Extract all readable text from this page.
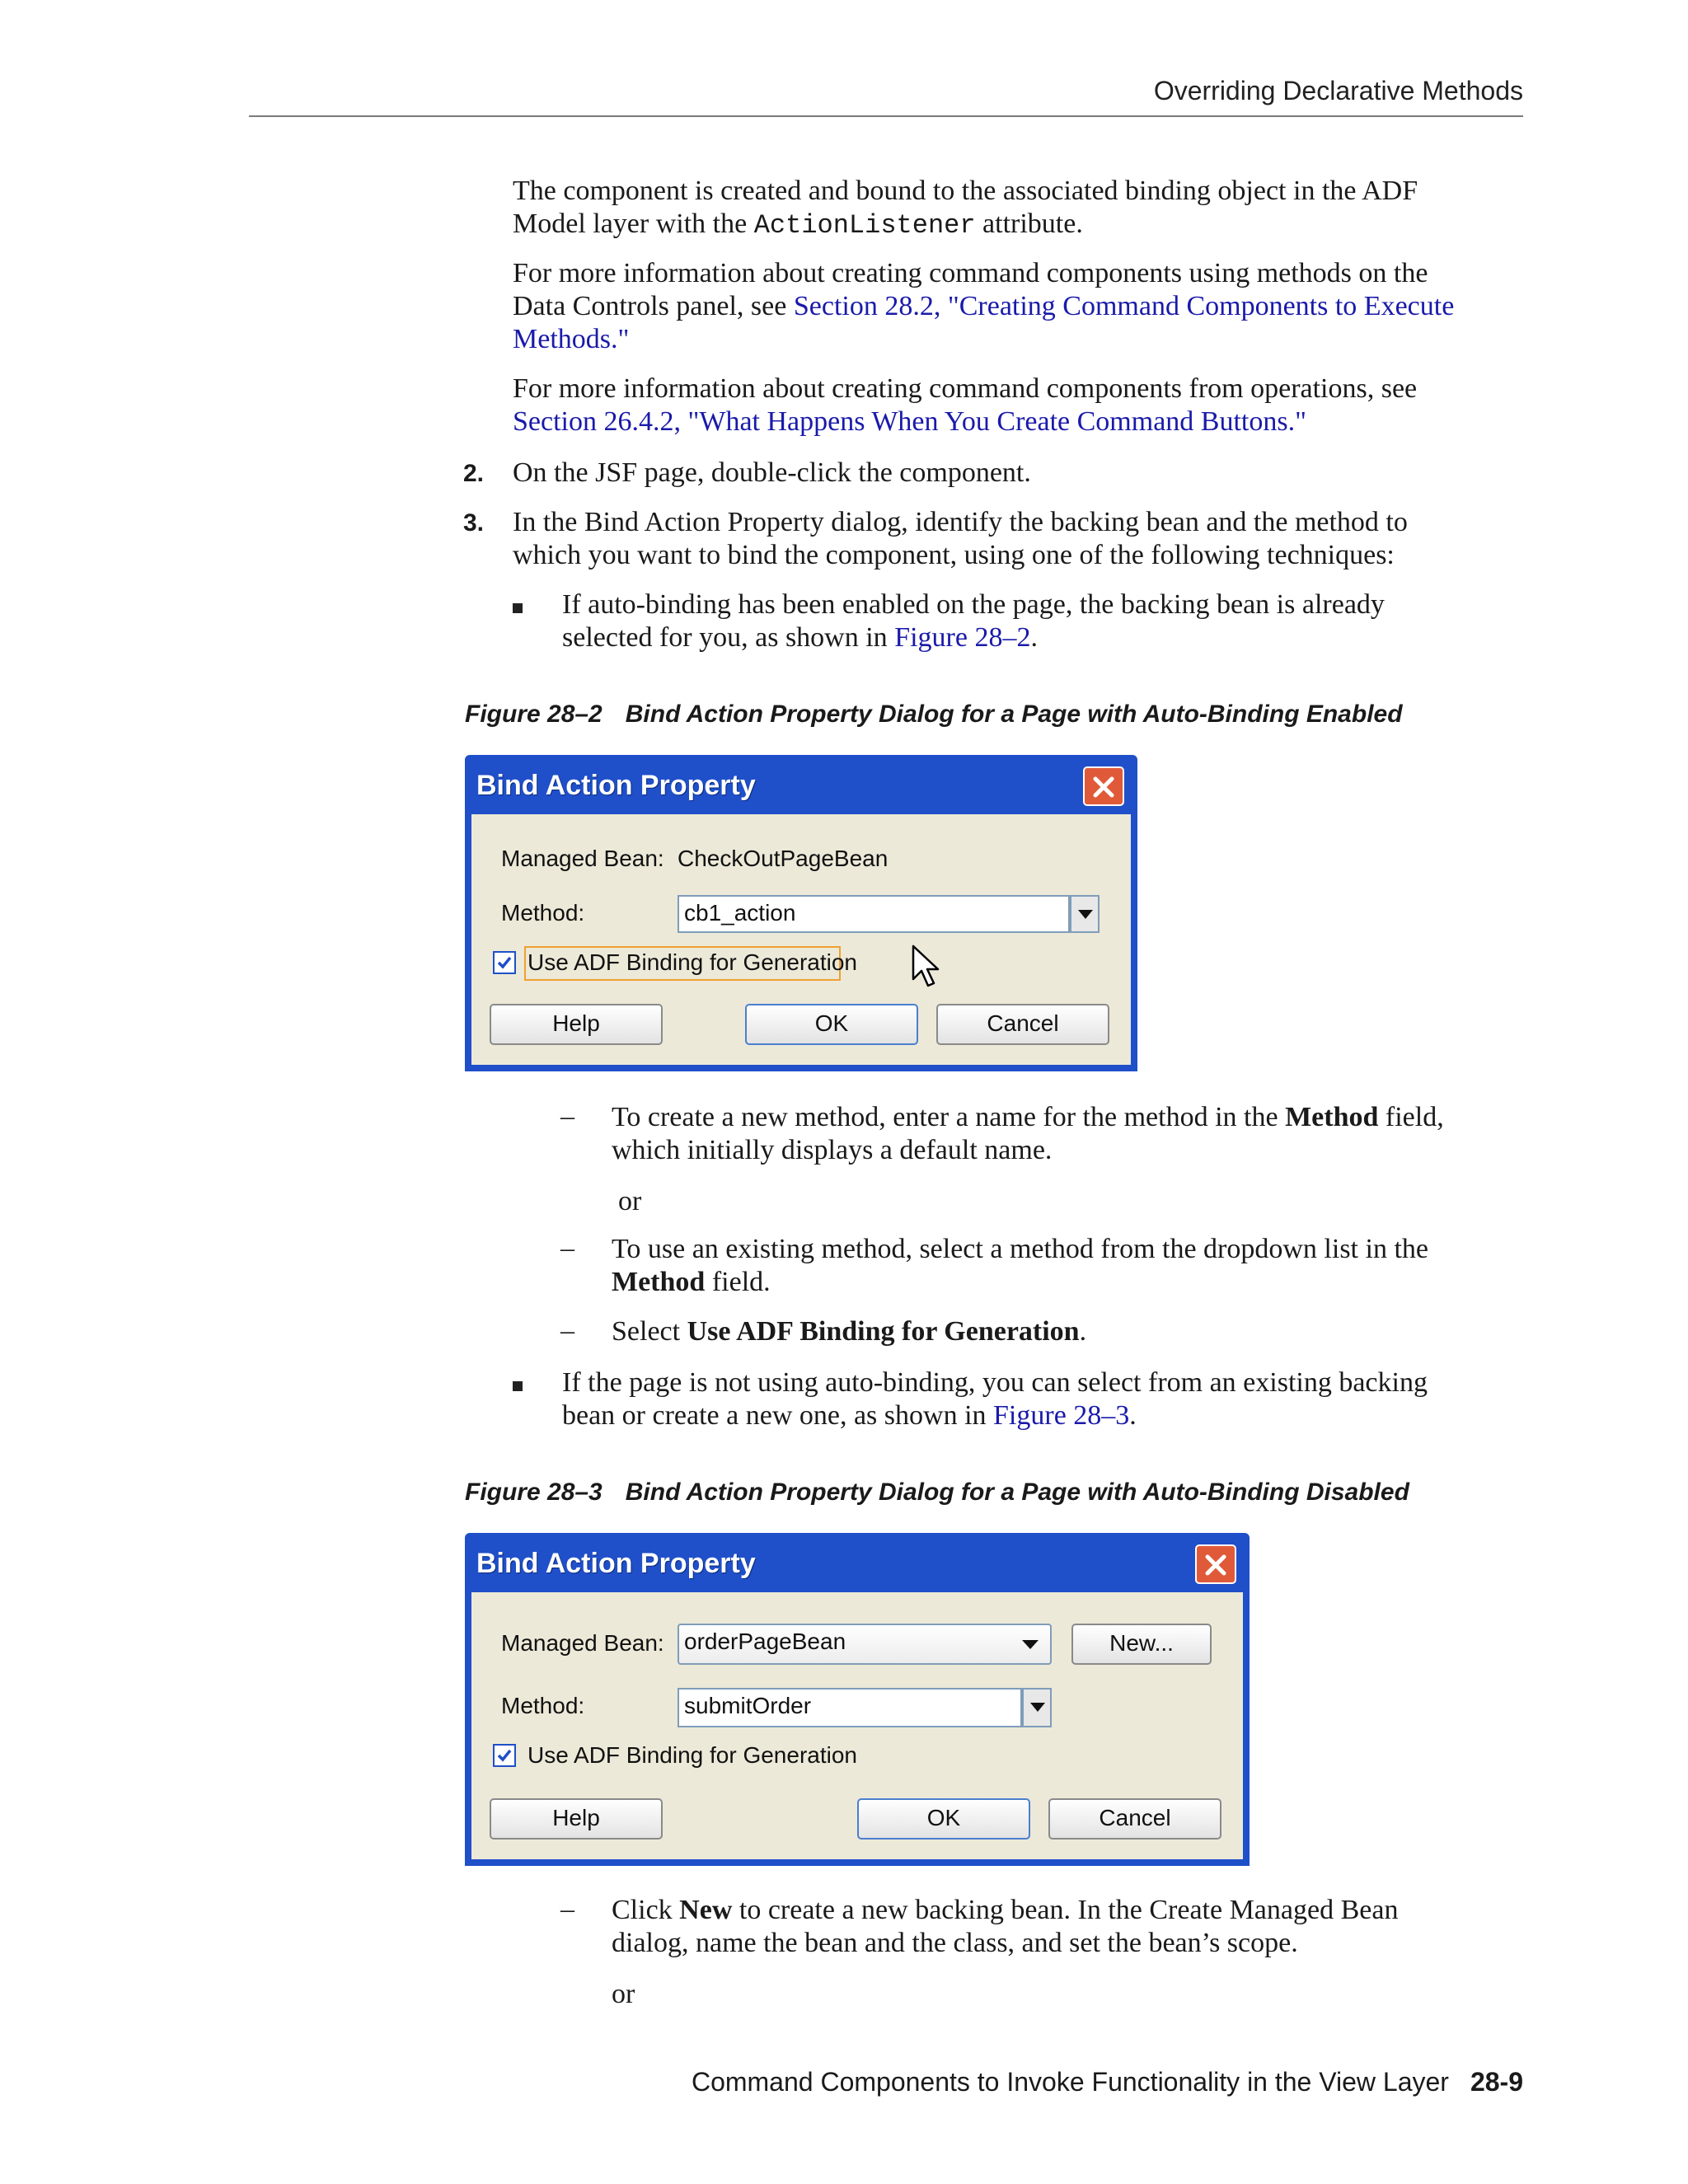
Overriding Declarative Methods
The component is created and bound to the associated binding object in the ADF
Model layer with the ActionListener attribute.
For more information about creating command components using methods on the
Data Controls panel, see Section 28.2, "Creating Command Components to Execute
Methods."
For more information about creating command components from operations, see
Section 26.4.2, "What Happens When You Create Command Buttons."
2. On the JSF page, double-click the component.
3. In the Bind Action Property dialog, identify the backing bean and the method to
which you want to bind the component, using one of the following techniques:
If auto-binding has been enabled on the page, the backing bean is already
selected for you, as shown in Figure 28–2.
Figure 28–2 Bind Action Property Dialog for a Page with Auto-Binding Enabled
Bind Action Property
Managed Bean: CheckOutPageBean
Method:	cb1_action
Use ADF Binding for Generation
Help	OK	Cancel
– To create a new method, enter a name for the method in the Method field,
which initially displays a default name.
or
– To use an existing method, select a method from the dropdown list in the
Method field.
– Select Use ADF Binding for Generation.
If the page is not using auto-binding, you can select from an existing backing
bean or create a new one, as shown in Figure 28–3.
Figure 28–3 Bind Action Property Dialog for a Page with Auto-Binding Disabled
Bind Action Property
Managed Bean: orderPageBean	New...
Method:	submitOrder
Use ADF Binding for Generation
Help	OK	Cancel
– Click New to create a new backing bean. In the Create Managed Bean
dialog, name the bean and the class, and set the bean’s scope.
or
Command Components to Invoke Functionality in the View Layer 28-9
